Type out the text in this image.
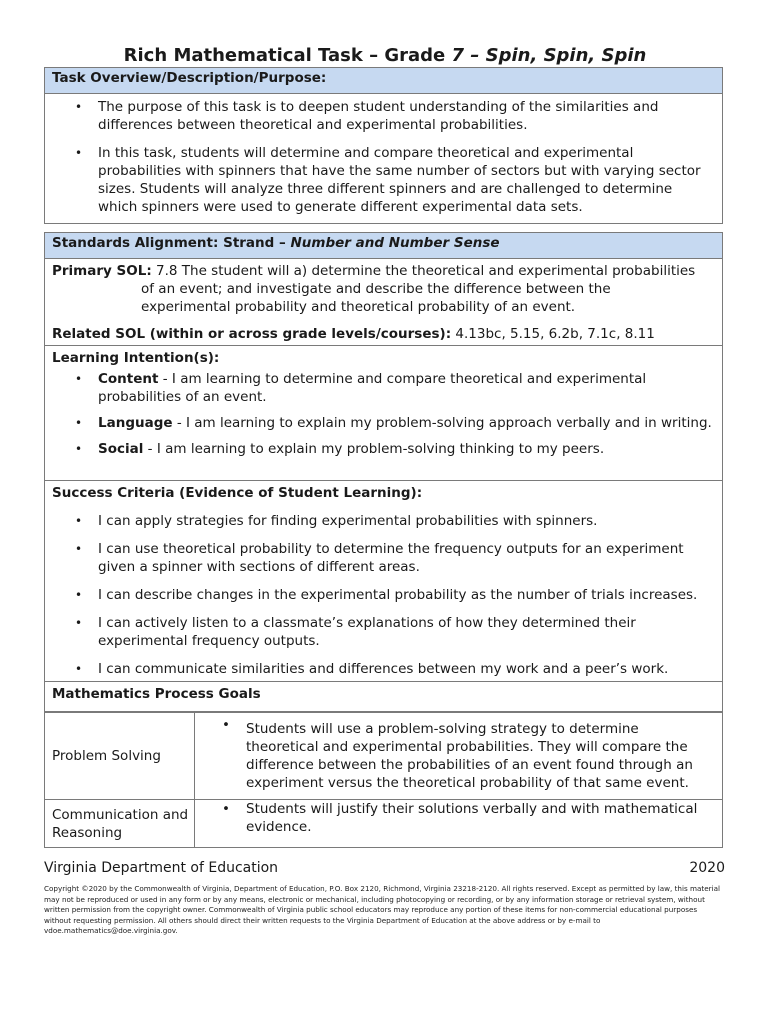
Rich Mathematical Task – Grade 7 – Spin, Spin, Spin
Task Overview/Description/Purpose:
• The purpose of this task is to deepen student understanding of the similarities and differences between theoretical and experimental probabilities.
• In this task, students will determine and compare theoretical and experimental probabilities with spinners that have the same number of sectors but with varying sector sizes. Students will analyze three different spinners and are challenged to determine which spinners were used to generate different experimental data sets.
Standards Alignment: Strand – Number and Number Sense
Primary SOL: 7.8 The student will a) determine the theoretical and experimental probabilities
of an event; and investigate and describe the difference between the
experimental probability and theoretical probability of an event.
Related SOL (within or across grade levels/courses): 4.13bc, 5.15, 6.2b, 7.1c, 8.11
Learning Intention(s):
• Content - I am learning to determine and compare theoretical and experimental probabilities of an event.
• Language - I am learning to explain my problem-solving approach verbally and in writing.
• Social - I am learning to explain my problem-solving thinking to my peers.
Success Criteria (Evidence of Student Learning):
• I can apply strategies for finding experimental probabilities with spinners.
• I can use theoretical probability to determine the frequency outputs for an experiment given a spinner with sections of different areas.
• I can describe changes in the experimental probability as the number of trials increases.
• I can actively listen to a classmate’s explanations of how they determined their experimental frequency outputs.
• I can communicate similarities and differences between my work and a peer’s work.
Mathematics Process Goals
Problem Solving	• Students will use a problem-solving strategy to determine theoretical and experimental probabilities. They will compare the difference between the probabilities of an event found through an experiment versus the theoretical probability of that same event.
Communication and Reasoning	• Students will justify their solutions verbally and with mathematical evidence.
Virginia Department of Education	2020
Copyright ©2020 by the Commonwealth of Virginia, Department of Education, P.O. Box 2120, Richmond, Virginia 23218-2120. All rights reserved. Except as permitted by law, this material may not be reproduced or used in any form or by any means, electronic or mechanical, including photocopying or recording, or by any information storage or retrieval system, without written permission from the copyright owner. Commonwealth of Virginia public school educators may reproduce any portion of these items for non-commercial educational purposes without requesting permission. All others should direct their written requests to the Virginia Department of Education at the above address or by e-mail to vdoe.mathematics@doe.virginia.gov.
